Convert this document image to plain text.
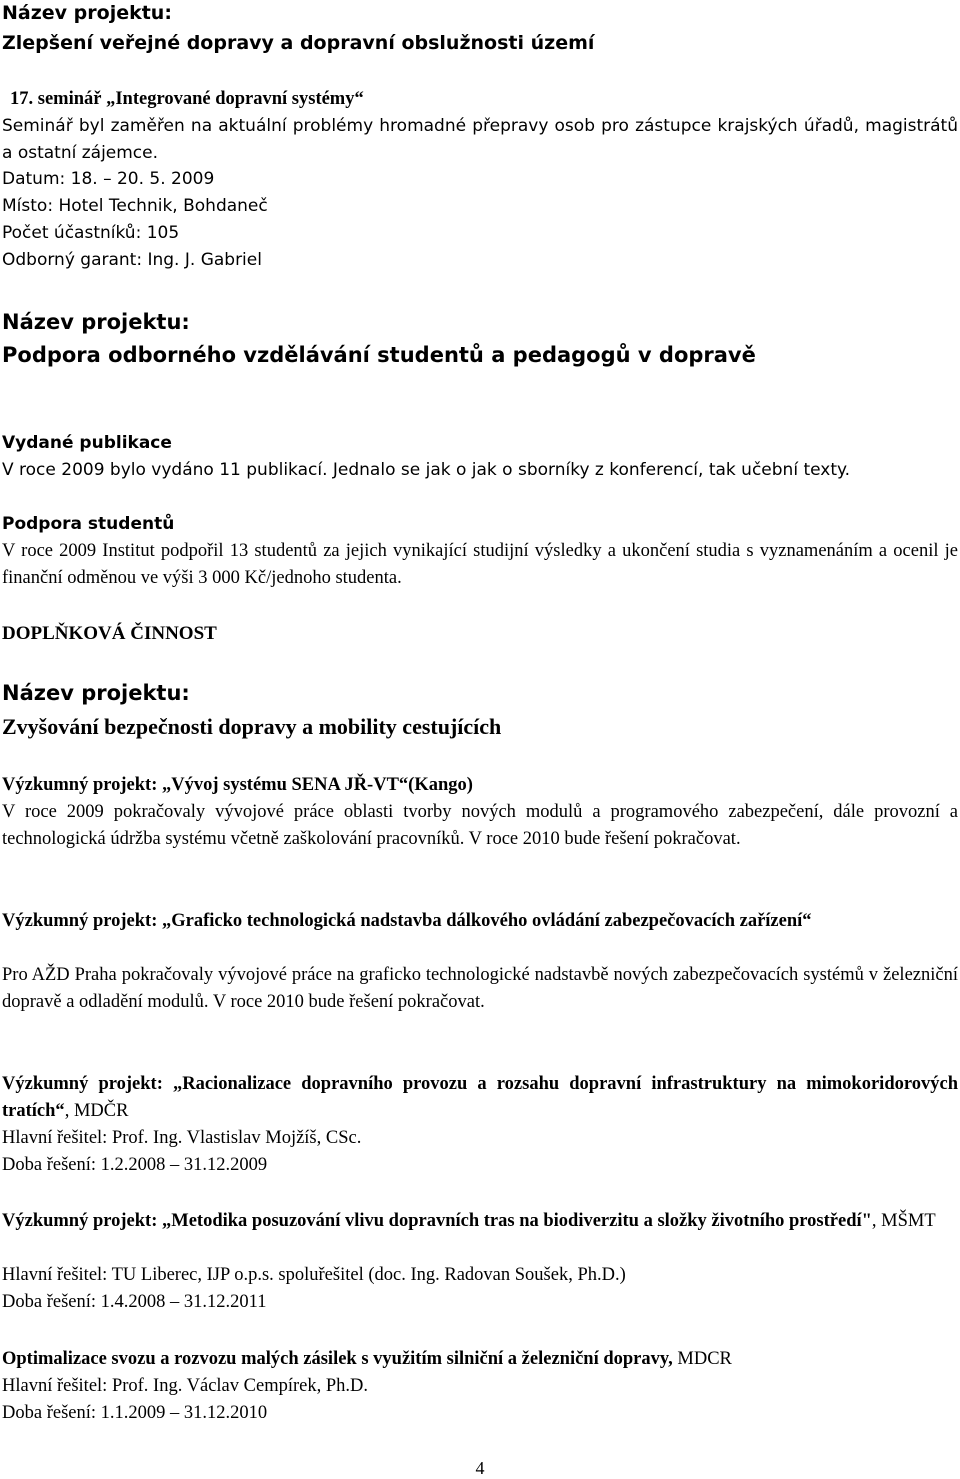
Název projektu:
Zlepšení veřejné dopravy a dopravní obslužnosti území
17. seminář „Integrované dopravní systémy“

Seminář byl zaměřen na aktuální problémy hromadné přepravy osob pro zástupce krajských úřadů, magistrátů a ostatní zájemce.

Datum: 18. – 20. 5. 2009
Místo: Hotel Technik, Bohdaneč
Počet účastníků: 105
Odborný garant: Ing. J. Gabriel
Název projektu:
Podpora odborného vzdělávání studentů a pedagogů v dopravě
Vydané publikace

V roce 2009 bylo vydáno 11 publikací. Jednalo se jak o jak o sborníky z konferencí, tak učební texty.

Podpora studentů

V roce 2009 Institut podpořil 13 studentů za jejich vynikající studijní výsledky a ukončení studia s vyznamenáním a ocenil je finanční odměnou ve výši 3 000 Kč/jednoho studenta.

DOPLŇKOVÁ ČINNOST
Název projektu:
Zvyšování bezpečnosti dopravy a mobility cestujících
Výzkumný projekt: „Vývoj systému SENA JŘ-VT“(Kango)

V roce 2009 pokračovaly vývojové práce oblasti tvorby nových modulů a programového zabezpečení, dále provozní a technologická údržba systému včetně zaškolování pracovníků. V roce 2010 bude řešení pokračovat.

Výzkumný projekt: „Graficko technologická nadstavba dálkového ovládání zabezpečovacích zařízení“

Pro AŽD Praha pokračovaly vývojové práce na graficko technologické nadstavbě nových zabezpečovacích systémů v železniční dopravě a odladění modulů. V roce 2010 bude řešení pokračovat.

Výzkumný projekt: „Racionalizace dopravního provozu a rozsahu dopravní infrastruktury na mimokoridorových tratích“, MDČR

Hlavní řešitel: Prof. Ing. Vlastislav Mojžíš, CSc.
Doba řešení: 1.2.2008 – 31.12.2009

Výzkumný projekt: „Metodika posuzování vlivu dopravních tras na biodiverzitu a složky životního prostředí", MŠMT

Hlavní řešitel: TU Liberec, IJP o.p.s. spoluřešitel (doc. Ing. Radovan Soušek, Ph.D.)
Doba řešení: 1.4.2008 – 31.12.2011
Optimalizace svozu a rozvozu malých zásilek s využitím silniční a železniční dopravy, MDCR
Hlavní řešitel: Prof. Ing. Václav Cempírek, Ph.D.
Doba řešení: 1.1.2009 – 31.12.2010
4
